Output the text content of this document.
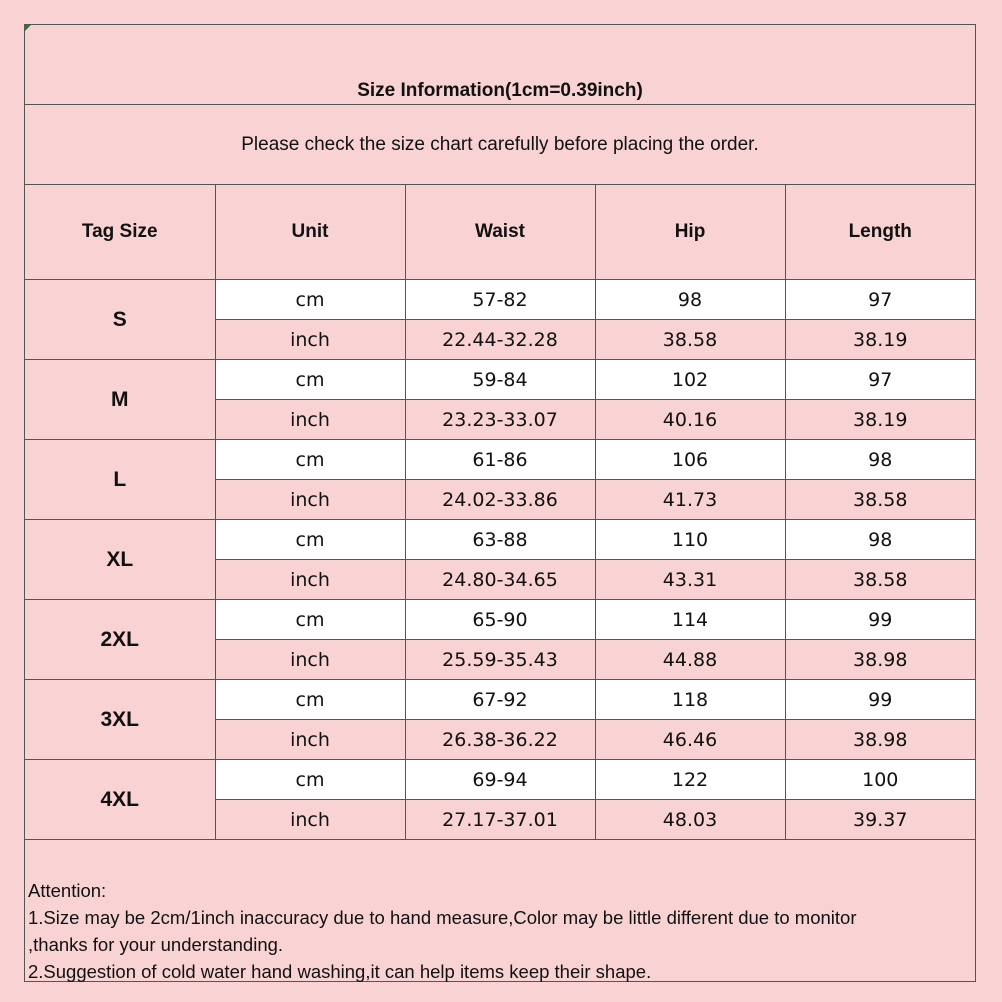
Size Information(1cm=0.39inch)
Please check the size chart carefully before placing the order.
Tag Size	Unit	Waist	Hip	Length
S	cm	57-82	98	97
	inch	22.44-32.28	38.58	38.19
M	cm	59-84	102	97
	inch	23.23-33.07	40.16	38.19
L	cm	61-86	106	98
	inch	24.02-33.86	41.73	38.58
XL	cm	63-88	110	98
	inch	24.80-34.65	43.31	38.58
2XL	cm	65-90	114	99
	inch	25.59-35.43	44.88	38.98
3XL	cm	67-92	118	99
	inch	26.38-36.22	46.46	38.98
4XL	cm	69-94	122	100
	inch	27.17-37.01	48.03	39.37
Attention:
1.Size may be 2cm/1inch inaccuracy due to hand measure,Color may be little different due to monitor
,thanks for your understanding.
2.Suggestion of cold water hand washing,it can help items keep their shape.
